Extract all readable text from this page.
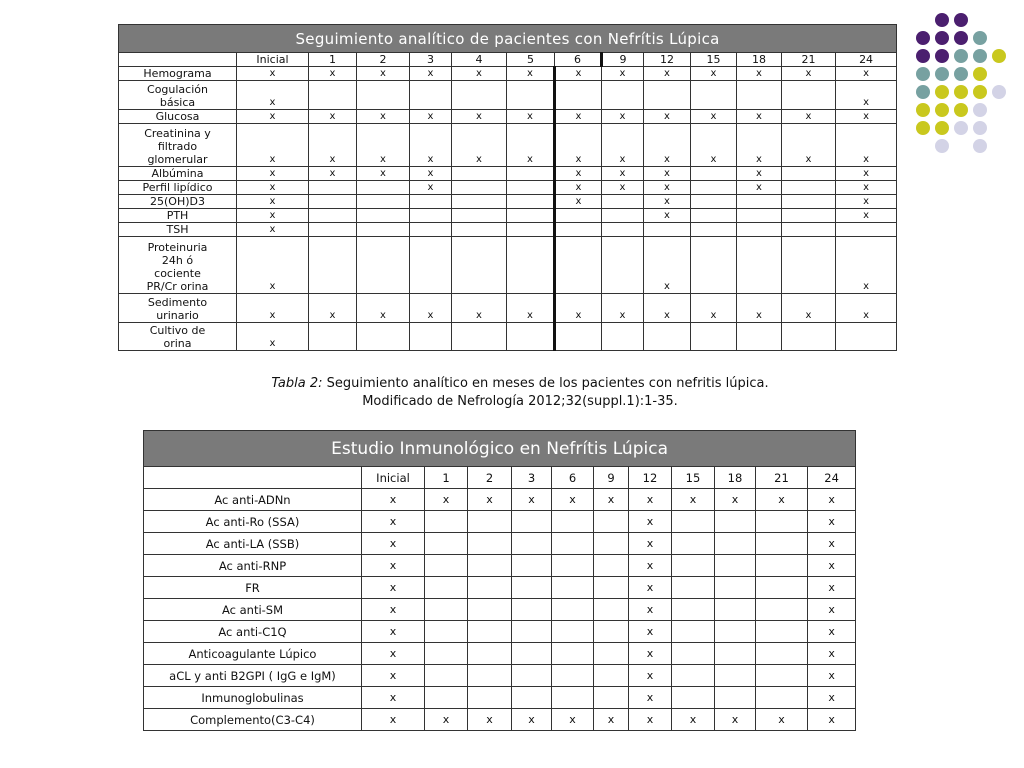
Seguimiento analítico de pacientes con Nefrítis Lúpica													
	Inicial	1	2	3	4	5	6	9	12	15	18	21	24
Hemograma	x	x	x	x	x	x	x	x	x	x	x	x	x
Cogulación
básica	x												x
Glucosa	x	x	x	x	x	x	x	x	x	x	x	x	x
Creatinina y
filtrado
glomerular	x	x	x	x	x	x	x	x	x	x	x	x	x
Albúmina	x	x	x	x			x	x	x		x		x
Perfil lipídico	x			x			x	x	x		x		x
25(OH)D3	x						x		x				x
PTH	x								x				x
TSH	x												
Proteinuria
24h ó
cociente
PR/Cr orina	x								x				x
Sedimento
urinario	x	x	x	x	x	x	x	x	x	x	x	x	x
Cultivo de
orina	x												
Tabla 2: Seguimiento analítico en meses de los pacientes con nefritis lúpica.
Modificado de Nefrología 2012;32(suppl.1):1-35.
Estudio Inmunológico en Nefrítis Lúpica											
	Inicial	1	2	3	6	9	12	15	18	21	24
Ac anti-ADNn	x	x	x	x	x	x	x	x	x	x	x
Ac anti-Ro (SSA)	x						x				x
Ac anti-LA (SSB)	x						x				x
Ac anti-RNP	x						x				x
FR	x						x				x
Ac anti-SM	x						x				x
Ac anti-C1Q	x						x				x
Anticoagulante Lúpico	x						x				x
aCL y anti B2GPI ( IgG e IgM)	x						x				x
Inmunoglobulinas	x						x				x
Complemento(C3-C4)	x	x	x	x	x	x	x	x	x	x	x
